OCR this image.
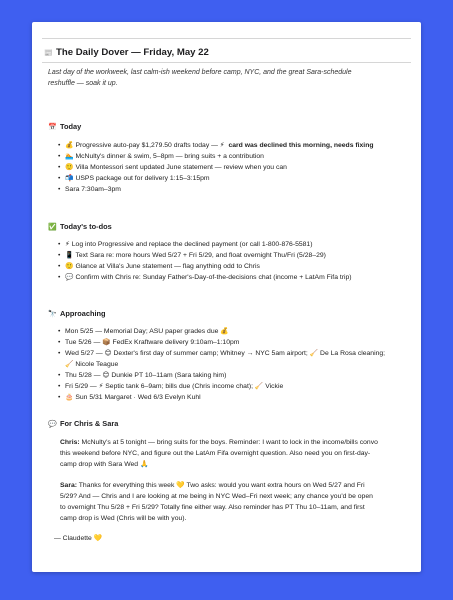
📰 The Daily Dover — Friday, May 22
Last day of the workweek, last calm-ish weekend before camp, NYC, and the great Sara-schedule reshuffle — soak it up.
📅 Today
• 💰 Progressive auto-pay $1,279.50 drafts today — ⚡ card was declined this morning, needs fixing
• 🏊 McNulty's dinner & swim, 5–8pm — bring suits + a contribution
• 🙂 Villa Montessori sent updated June statement — review when you can
• 📬 USPS package out for delivery 1:15–3:15pm
• Sara 7:30am–3pm
✅ Today's to-dos
• ⚡ Log into Progressive and replace the declined payment (or call 1-800-876-5581)
• 📱 Text Sara re: more hours Wed 5/27 + Fri 5/29, and float overnight Thu/Fri (5/28–29)
• 🙂 Glance at Villa's June statement — flag anything odd to Chris
• 💬 Confirm with Chris re: Sunday Father's-Day-of-the-decisions chat (income + LatAm Fifa trip)
🔭 Approaching
• Mon 5/25 — Memorial Day; ASU paper grades due 💰
• Tue 5/26 — 📦 FedEx Kraftware delivery 9:10am–1:10pm
• Wed 5/27 — 😊 Dexter's first day of summer camp; Whitney → NYC 5am airport; 🧹 De La Rosa cleaning; 🧹 Nicole Teague
• Thu 5/28 — 😊 Dunkie PT 10–11am (Sara taking him)
• Fri 5/29 — ⚡ Septic tank 6–9am; bills due (Chris income chat); 🧹 Vickie
• 🎂 Sun 5/31 Margaret · Wed 6/3 Evelyn Kuhl
💬 For Chris & Sara

Chris: McNulty's at 5 tonight — bring suits for the boys. Reminder: I want to lock in the income/bills convo this weekend before NYC, and figure out the LatAm Fifa overnight question. Also need you on first-day-camp drop with Sara Wed 🙏

Sara: Thanks for everything this week 💛 Two asks: would you want extra hours on Wed 5/27 and Fri 5/29? And — Chris and I are looking at me being in NYC Wed–Fri next week; any chance you'd be open to overnight Thu 5/28 + Fri 5/29? Totally fine either way. Also reminder has PT Thu 10–11am, and first camp drop is Wed (Chris will be with you).

— Claudette 💛
